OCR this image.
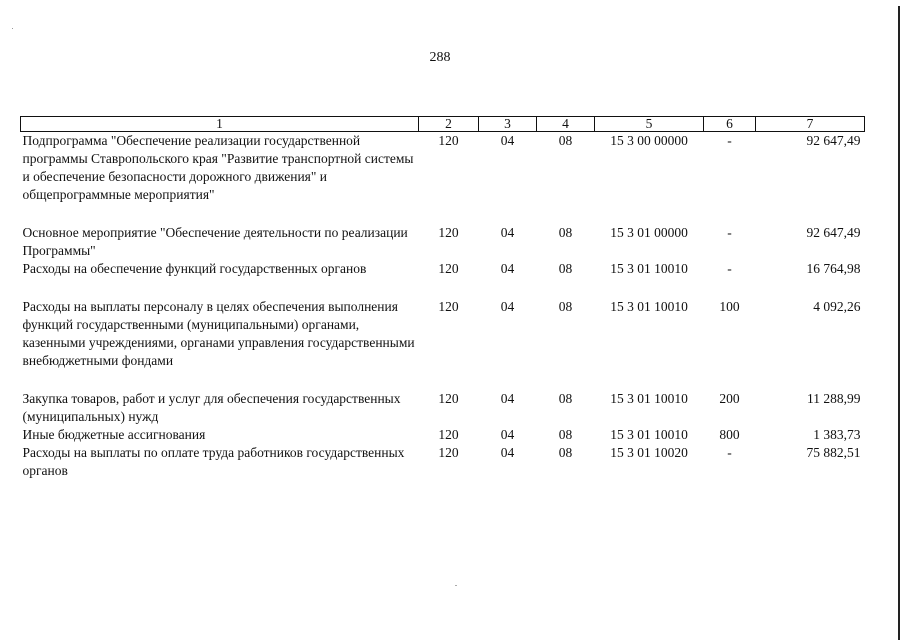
288
1	2	3	4	5	6	7
Подпрограмма "Обеспечение реализации государственной программы Ставропольского края "Развитие транспортной системы и обеспечение безопасности дорожного движения" и общепрограммные мероприятия"	120	04	08	15 3 00 00000	-	92 647,49

Основное мероприятие "Обеспечение деятельности по реализации Программы"	120	04	08	15 3 01 00000	-	92 647,49
Расходы на обеспечение функций государственных органов	120	04	08	15 3 01 10010	-	16 764,98

Расходы на выплаты персоналу в целях обеспечения выполнения функций государственными (муниципальными) органами, казенными учреждениями, органами управления государственными внебюджетными фондами	120	04	08	15 3 01 10010	100	4 092,26

Закупка товаров, работ и услуг для обеспечения государственных (муниципальных) нужд	120	04	08	15 3 01 10010	200	11 288,99
Иные бюджетные ассигнования	120	04	08	15 3 01 10010	800	1 383,73
Расходы на выплаты по оплате труда работников государственных органов	120	04	08	15 3 01 10020	-	75 882,51
